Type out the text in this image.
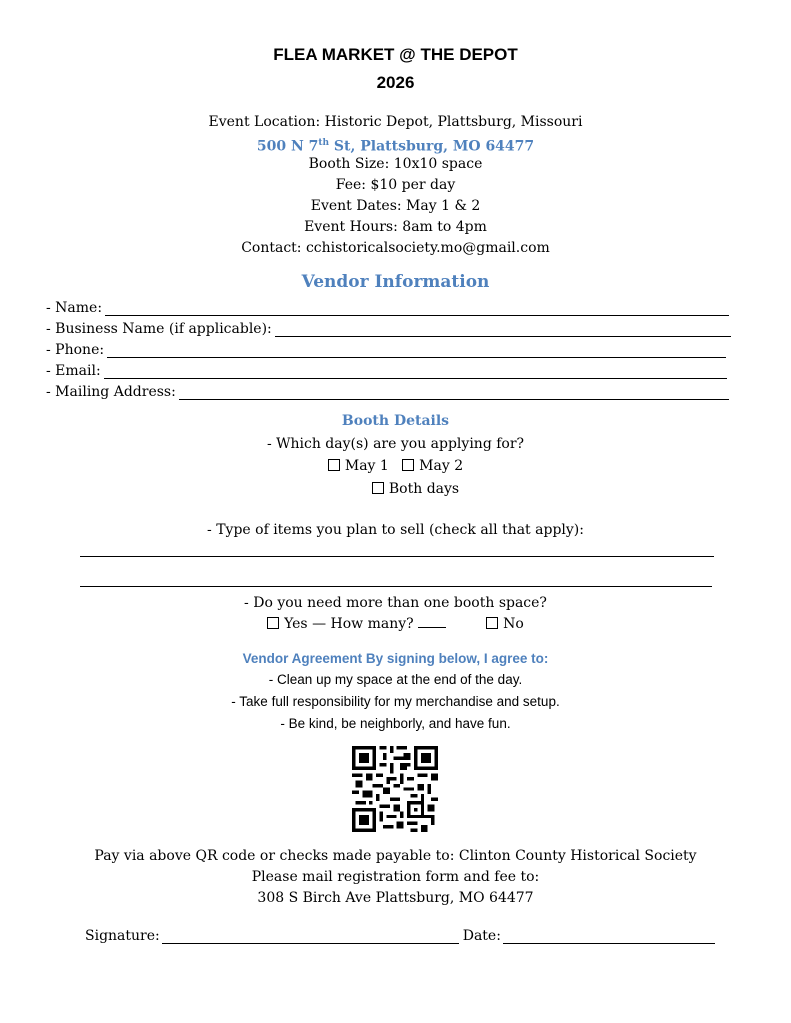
FLEA MARKET @ THE DEPOT
2026
Event Location: Historic Depot, Plattsburg, Missouri
500 N 7th St, Plattsburg, MO 64477
Booth Size: 10x10 space
Fee: $10 per day
Event Dates: May 1 & 2
Event Hours: 8am to 4pm
Contact: cchistoricalsociety.mo@gmail.com
Vendor Information
- Name:
- Business Name (if applicable):
- Phone:
- Email:
- Mailing Address:
Booth Details
- Which day(s) are you applying for?
May 1 May 2
Both days
- Type of items you plan to sell (check all that apply):
- Do you need more than one booth space?
Yes — How many?	No
Vendor Agreement By signing below, I agree to:
- Clean up my space at the end of the day.
- Take full responsibility for my merchandise and setup.
- Be kind, be neighborly, and have fun.
Pay via above QR code or checks made payable to: Clinton County Historical Society
Please mail registration form and fee to:
308 S Birch Ave Plattsburg, MO 64477
Signature:	Date:
